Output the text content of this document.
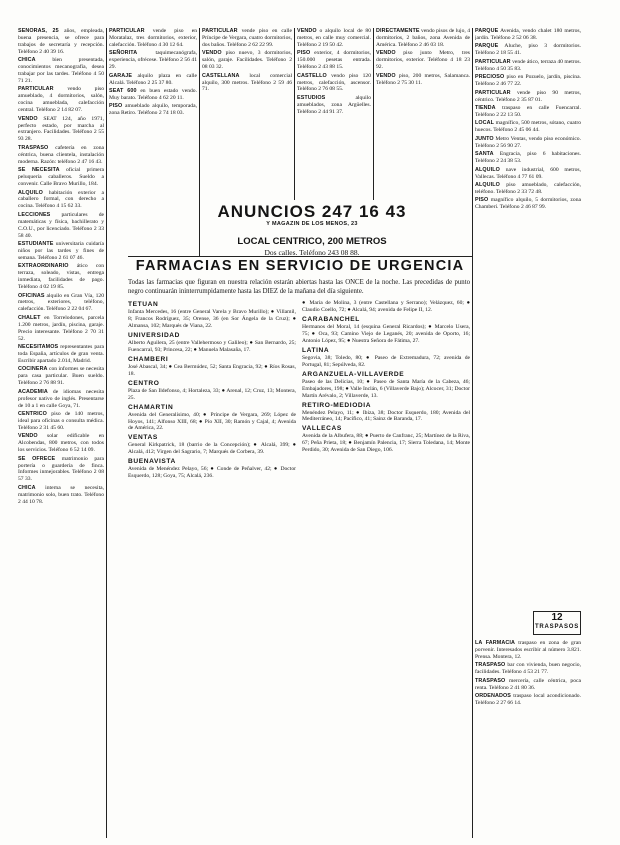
SEÑORAS, 25 años, empleada, buena presencia, se ofrece para trabajos de secretaría y recepción. Teléfono 2 40 39 16.

CHICA bien presentada, conocimientos mecanografía, desea trabajar por las tardes. Teléfono 4 50 71 21.

PARTICULAR vendo piso amueblado, 4 dormitorios, salón, cocina amueblada, calefacción central. Teléfono 2 14 82 07.

VENDO SEAT 124, año 1971, perfecto estado, por marcha al extranjero. Facilidades. Teléfono 2 55 93 28.

TRASPASO cafetería en zona céntrica, buena clientela, instalación moderna. Razón: teléfono 2 47 16 43.

SE NECESITA oficial primera peluquería caballeros. Sueldo a convenir. Calle Bravo Murillo, 184.

ALQUILO habitación exterior a caballero formal, con derecho a cocina. Teléfono 4 15 62 33.

LECCIONES particulares de matemáticas y física, bachillerato y C.O.U., por licenciado. Teléfono 2 33 58 40.

ESTUDIANTE universitaria cuidaría niños por las tardes y fines de semana. Teléfono 2 61 07 46.

EXTRAORDINARIO ático con terraza, soleado, vistas, entrega inmediata, facilidades de pago. Teléfono 4 02 19 85.

OFICINAS alquilo en Gran Vía, 120 metros, exteriores, teléfono, calefacción. Teléfono 2 22 04 67.

CHALET en Torrelodones, parcela 1.200 metros, jardín, piscina, garaje. Precio interesante. Teléfono 2 70 31 52.

NECESITAMOS representantes para toda España, artículos de gran venta. Escribir apartado 2.014, Madrid.

COCINERA con informes se necesita para casa particular. Buen sueldo. Teléfono 2 76 88 91.

ACADEMIA de idiomas necesita profesor nativo de inglés. Presentarse de 10 a 1 en calle Goya, 71.

CENTRICO piso de 140 metros, ideal para oficinas o consulta médica. Teléfono 2 31 45 60.

VENDO solar edificable en Alcobendas, 800 metros, con todos los servicios. Teléfono 6 52 14 09.

SE OFRECE matrimonio para portería o guardería de finca. Informes inmejorables. Teléfono 2 08 57 33.

CHICA interna se necesita, matrimonio solo, buen trato. Teléfono 2 44 10 78.

PARTICULAR vende piso en Moratalaz, tres dormitorios, exterior, calefacción. Teléfono 4 30 12 64.

SEÑORITA taquimecanógrafa, experiencia, ofrécese. Teléfono 2 56 41 29.

GARAJE alquilo plaza en calle Alcalá. Teléfono 2 25 37 80.

SEAT 600 en buen estado vendo. Muy barato. Teléfono 4 62 20 11.

PISO amueblado alquilo, temporada, zona Retiro. Teléfono 2 74 18 03.

PARTICULAR vende piso en calle Príncipe de Vergara, cuatro dormitorios, dos baños. Teléfono 2 62 22 99.

VENDO piso nuevo, 3 dormitorios, salón, garaje. Facilidades. Teléfono 2 08 03 32.

CASTELLANA local comercial alquilo, 300 metros. Teléfono 2 59 46 71.

VENDO o alquilo local de 80 metros, en calle muy comercial. Teléfono 2 19 50 42.

PISO exterior, 4 dormitorios, 150.000 pesetas entrada. Teléfono 2 43 88 15.

CASTELLO vendo piso 120 metros, calefacción, ascensor. Teléfono 2 76 08 55.

ESTUDIOS alquilo amueblados, zona Argüelles. Teléfono 2 44 91 37.

DIRECTAMENTE vendo pisos de lujo, 4 dormitorios, 2 baños, zona Avenida de América. Teléfono 2 46 03 18.

VENDO piso junto Metro, tres dormitorios, exterior. Teléfono 4 18 23 92.

VENDO piso, 200 metros, Salamanca. Teléfono 2 75 30 11.

PARQUE Avenida, vendo chalet 180 metros, jardín. Teléfono 2 52 06 38.

PARQUE Aluche, piso 3 dormitorios. Teléfono 2 18 55 41.

PARTICULAR vende ático, terraza 40 metros. Teléfono 4 50 35 83.

PRECIOSO piso en Pozuelo, jardín, piscina. Teléfono 2 46 77 22.

PARTICULAR vende piso 90 metros, céntrico. Teléfono 2 35 87 01.

TIENDA traspaso en calle Fuencarral. Teléfono 2 22 13 50.

LOCAL magnífico, 500 metros, sótano, cuatro huecos. Teléfono 2 45 06 44.

JUNTO Metro Ventas, vendo piso económico. Teléfono 2 56 90 27.

SANTA Engracia, piso 6 habitaciones. Teléfono 2 24 38 53.

ALQUILO nave industrial, 600 metros, Vallecas. Teléfono 4 77 61 09.

ALQUILO piso amueblado, calefacción, teléfono. Teléfono 2 33 72 48.

PISO magnífico alquilo, 5 dormitorios, zona Chamberí. Teléfono 2 46 87 99.

ANUNCIOS 247 16 43
Y MAGAZIN DE LOS MENOS, 23
LOCAL CENTRICO, 200 METROS
Dos calles. Teléfono 243 08 88.
FARMACIAS EN SERVICIO DE URGENCIA
Todas las farmacias que figuran en nuestra relación estarán abiertas hasta las ONCE de la noche. Las precedidas de punto negro continuarán ininterrumpidamente hasta las DIEZ de la mañana del día siguiente.
TETUAN

Infanta Mercedes, 16 (entre General Varela y Bravo Murillo); ● Villamil, 8; Francos Rodríguez, 35; Orense, 36 (en Sor Ángela de la Cruz); ● Almansa, 102; Marqués de Viana, 22.

UNIVERSIDAD

Alberto Aguilera, 25 (entre Vallehermoso y Galileo); ● San Bernardo, 25; Fuencarral, 93; Princesa, 22; ● Manuela Malasaña, 17.

CHAMBERI

José Abascal, 34; ● Cea Bermúdez, 52; Santa Engracia, 92; ● Ríos Rosas, 18.

CENTRO

Plaza de San Ildefonso, 4; Hortaleza, 33; ● Arenal, 12; Cruz, 13; Montera, 25.

CHAMARTIN

Avenida del Generalísimo, 40; ● Príncipe de Vergara, 269; López de Hoyos, 141; Alfonso XIII, 68; ● Pío XII, 30; Ramón y Cajal, 4; Avenida de América, 22.

VENTAS

General Kirkpatrick, 18 (barrio de la Concepción); ● Alcalá, 399; ● Alcalá, 412; Virgen del Sagrario, 7; Marqués de Corbera, 39.

BUENAVISTA

Avenida de Menéndez Pelayo, 56; ● Conde de Peñalver, 42; ● Doctor Esquerdo, 128; Goya, 75; Alcalá, 236.

● María de Molina, 3 (entre Castellana y Serrano); Velázquez, 60; ● Claudio Coello, 72; ● Alcalá, 94; avenida de Felipe II, 12.

CARABANCHEL

Hermanos del Moral, 14 (esquina General Ricardos); ● Marcelo Usera, 75; ● Oca, 93; Camino Viejo de Leganés, 20; avenida de Oporto, 16; Antonio López, 95; ● Nuestra Señora de Fátima, 27.

LATINA

Segovia, 38; Toledo, 80; ● Paseo de Extremadura, 72; avenida de Portugal, 81; Sepúlveda, 82.

ARGANZUELA-VILLAVERDE

Paseo de las Delicias, 10; ● Paseo de Santa María de la Cabeza, 46; Embajadores, 198; ● Valle Inclán, 6 (Villaverde Bajo); Alcocer, 31; Doctor Martín Arévalo, 2; Villaverde, 13.

RETIRO-MEDIODIA

Menéndez Pelayo, 11; ● Ibiza, 38; Doctor Esquerdo, 180; Avenida del Mediterráneo, 14; Pacífico, 41; Sainz de Baranda, 17.

VALLECAS

Avenida de la Albufera, 88; ● Puerto de Canfranc, 25; Martínez de la Riva, 67; Peña Prieta, 18; ● Benjamín Palencia, 17; Sierra Toledana, 14; Monte Perdido, 30; Avenida de San Diego, 106.

12
TRASPASOS

LA FARMACIA traspaso en zona de gran porvenir. Interesados escribir al número 3.821. Prensa. Montera, 12.

TRASPASO bar con vivienda, buen negocio, facilidades. Teléfono 4 53 21 77.

TRASPASO mercería, calle céntrica, poca renta. Teléfono 2 41 80 36.

ORDENADOS traspaso local acondicionado. Teléfono 2 27 66 14.
